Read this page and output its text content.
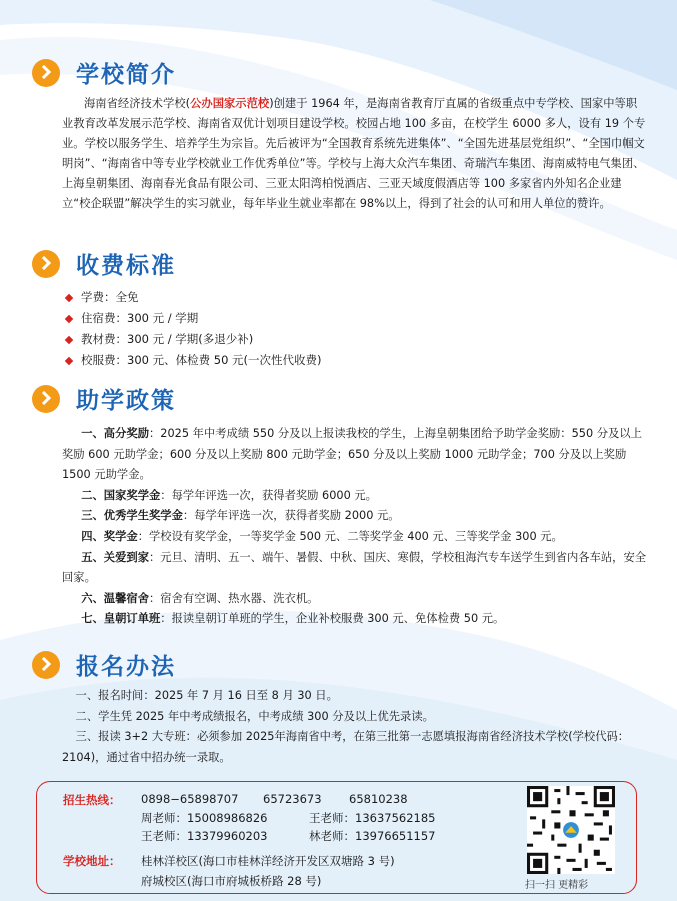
学校简介
海南省经济技术学校(公办国家示范校)创建于 1964 年，是海南省教育厅直属的省级重点中专学校、国家中等职业教育改革发展示范学校、海南省双优计划项目建设学校。校园占地 100 多亩，在校学生 6000 多人，设有 19 个专业。学校以服务学生、培养学生为宗旨。先后被评为“全国教育系统先进集体”、“全国先进基层党组织”、“全国巾帼文明岗”、“海南省中等专业学校就业工作优秀单位”等。学校与上海大众汽车集团、奇瑞汽车集团、海南威特电气集团、上海皇朝集团、海南春光食品有限公司、三亚太阳湾柏悦酒店、三亚天域度假酒店等 100 多家省内外知名企业建立“校企联盟”解决学生的实习就业，每年毕业生就业率都在 98%以上，得到了社会的认可和用人单位的赞许。
收费标准
学费：全免
住宿费：300 元 / 学期
教材费：300 元 / 学期(多退少补)
校服费：300 元、体检费 50 元(一次性代收费)
助学政策
一、高分奖励：2025 年中考成绩 550 分及以上报读我校的学生，上海皇朝集团给予助学金奖励：550 分及以上奖励 600 元助学金；600 分及以上奖励 800 元助学金；650 分及以上奖励 1000 元助学金；700 分及以上奖励 1500 元助学金。
二、国家奖学金：每学年评选一次，获得者奖励 6000 元。
三、优秀学生奖学金：每学年评选一次，获得者奖励 2000 元。
四、奖学金：学校设有奖学金，一等奖学金 500 元、二等奖学金 400 元、三等奖学金 300 元。
五、关爱到家：元旦、清明、五一、端午、暑假、中秋、国庆、寒假，学校租海汽专车送学生到省内各车站，安全回家。
六、温馨宿舍：宿舍有空调、热水器、洗衣机。
七、皇朝订单班：报读皇朝订单班的学生，企业补校服费 300 元、免体检费 50 元。
报名办法
一、报名时间：2025 年 7 月 16 日至 8 月 30 日。
二、学生凭 2025 年中考成绩报名，中考成绩 300 分及以上优先录读。
三、报读 3+2 大专班：必须参加 2025年海南省中考，在第三批第一志愿填报海南省经济技术学校(学校代码：2104)，通过省中招办统一录取。
招生热线： 0898−65898707 65723673 65810238
周老师：15008986826	王老师：13637562185
王老师：13379960203	林老师：13976651157
学校地址： 桂林洋校区(海口市桂林洋经济开发区双塘路 3 号)
府城校区(海口市府城板桥路 28 号)	扫一扫 更精彩
